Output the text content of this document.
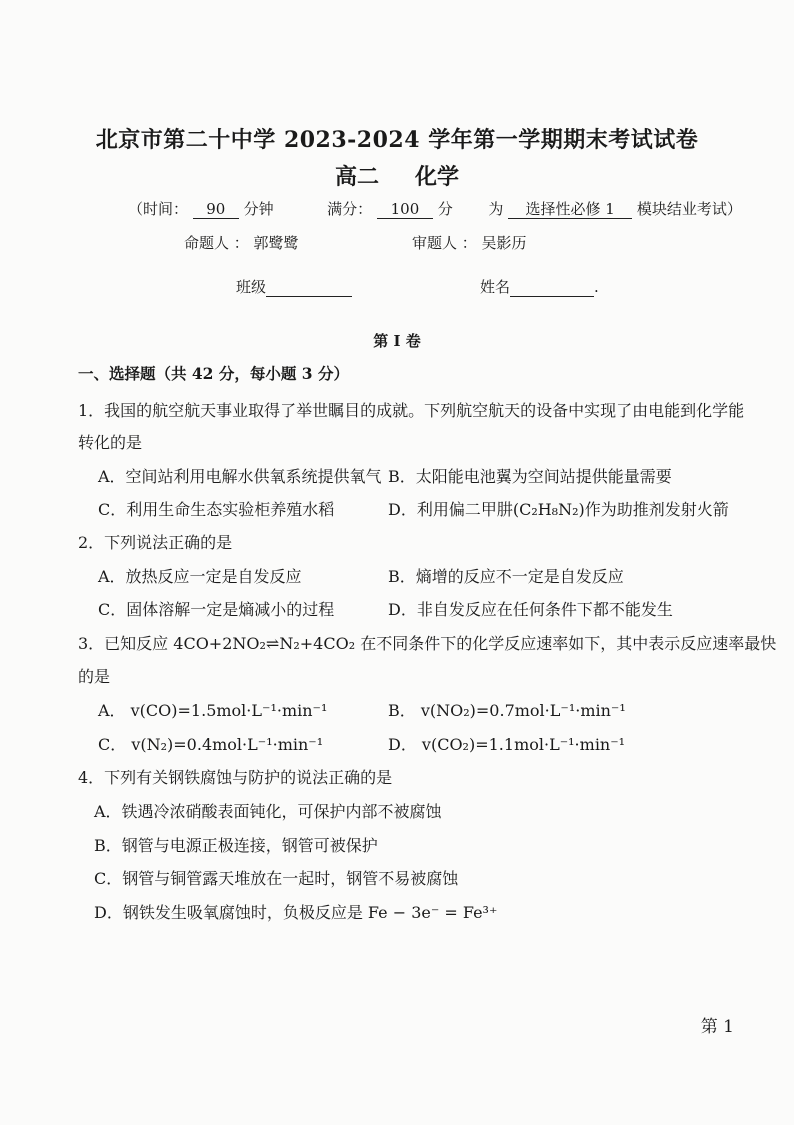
北京市第二十中学 2023-2024 学年第一学期期末考试试卷
高二 化学
（时间： 90 分钟	满分： 100 分 为 选择性必修 1 模块结业考试）
命题人 ： 郭鹭鹭	审题人 ： 吴影历
班级	姓名	.
第 I 卷
一、选择题（共 42 分，每小题 3 分）
1．我国的航空航天事业取得了举世瞩目的成就。下列航空航天的设备中实现了由电能到化学能
转化的是
A．空间站利用电解水供氧系统提供氧气 B．太阳能电池翼为空间站提供能量需要
C．利用生命生态实验柜养殖水稻	D．利用偏二甲肼(C₂H₈N₂)作为助推剂发射火箭
2．下列说法正确的是
A．放热反应一定是自发反应	B．熵增的反应不一定是自发反应
C．固体溶解一定是熵减小的过程	D．非自发反应在任何条件下都不能发生
3．已知反应 4CO+2NO₂⇌N₂+4CO₂ 在不同条件下的化学反应速率如下，其中表示反应速率最快
的是
A． v(CO)=1.5mol·L⁻¹·min⁻¹	B． v(NO₂)=0.7mol·L⁻¹·min⁻¹
C． v(N₂)=0.4mol·L⁻¹·min⁻¹	D． v(CO₂)=1.1mol·L⁻¹·min⁻¹
4．下列有关钢铁腐蚀与防护的说法正确的是
A．铁遇冷浓硝酸表面钝化，可保护内部不被腐蚀
B．钢管与电源正极连接，钢管可被保护
C．钢管与铜管露天堆放在一起时，钢管不易被腐蚀
D．钢铁发生吸氧腐蚀时，负极反应是 Fe − 3e⁻ = Fe³⁺
第 1
